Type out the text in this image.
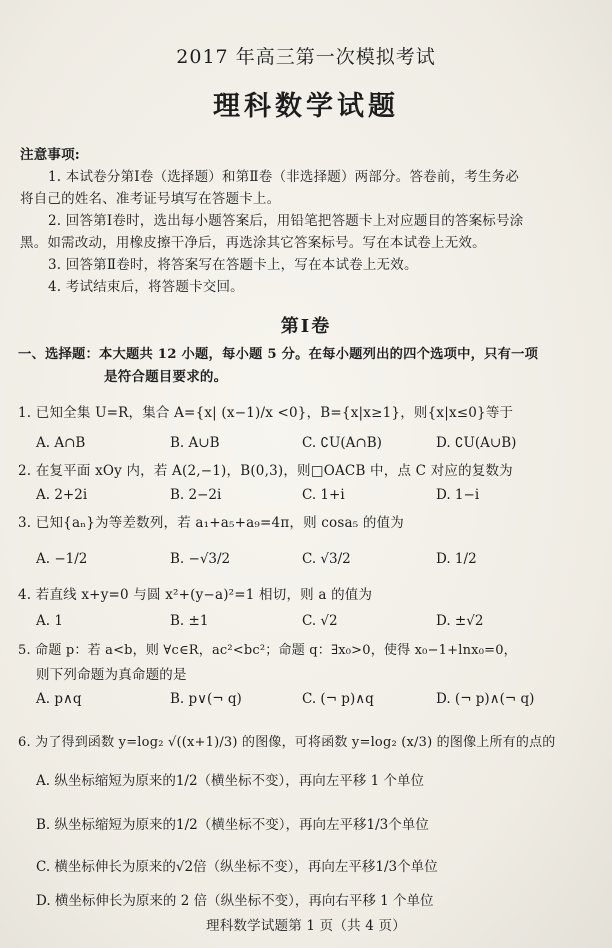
2017 年高三第一次模拟考试
理科数学试题
注意事项:
1. 本试卷分第Ⅰ卷（选择题）和第Ⅱ卷（非选择题）两部分。答卷前，考生务必
将自己的姓名、准考证号填写在答题卡上。
2. 回答第Ⅰ卷时，选出每小题答案后，用铅笔把答题卡上对应题目的答案标号涂
黑。如需改动，用橡皮擦干净后，再选涂其它答案标号。写在本试卷上无效。
3. 回答第Ⅱ卷时，将答案写在答题卡上，写在本试卷上无效。
4. 考试结束后，将答题卡交回。
第Ⅰ卷
一、选择题：本大题共 12 小题，每小题 5 分。在每小题列出的四个选项中，只有一项
是符合题目要求的。
1. 已知全集 U=R，集合 A={x| (x−1)/x <0}，B={x|x≥1}，则{x|x≤0}等于
A. A∩B	B. A∪B	C. ∁U(A∩B)	D. ∁U(A∪B)
2. 在复平面 xOy 内，若 A(2,−1)，B(0,3)，则□OACB 中，点 C 对应的复数为
A. 2+2i	B. 2−2i	C. 1+i	D. 1−i
3. 已知{aₙ}为等差数列，若 a₁+a₅+a₉=4π，则 cosa₅ 的值为
A. −1/2	B. −√3/2	C. √3/2	D. 1/2
4. 若直线 x+y=0 与圆 x²+(y−a)²=1 相切，则 a 的值为
A. 1	B. ±1	C. √2	D. ±√2
5. 命题 p：若 a<b，则 ∀c∈R，ac²<bc²；命题 q：∃x₀>0，使得 x₀−1+lnx₀=0，
则下列命题为真命题的是
A. p∧q	B. p∨(¬ q)	C. (¬ p)∧q	D. (¬ p)∧(¬ q)
6. 为了得到函数 y=log₂ √((x+1)/3) 的图像，可将函数 y=log₂ (x/3) 的图像上所有的点的
A. 纵坐标缩短为原来的1/2（横坐标不变），再向左平移 1 个单位
B. 纵坐标缩短为原来的1/2（横坐标不变），再向左平移1/3个单位
C. 横坐标伸长为原来的√2倍（纵坐标不变），再向左平移1/3个单位
D. 横坐标伸长为原来的 2 倍（纵坐标不变），再向右平移 1 个单位
理科数学试题第 1 页（共 4 页）
